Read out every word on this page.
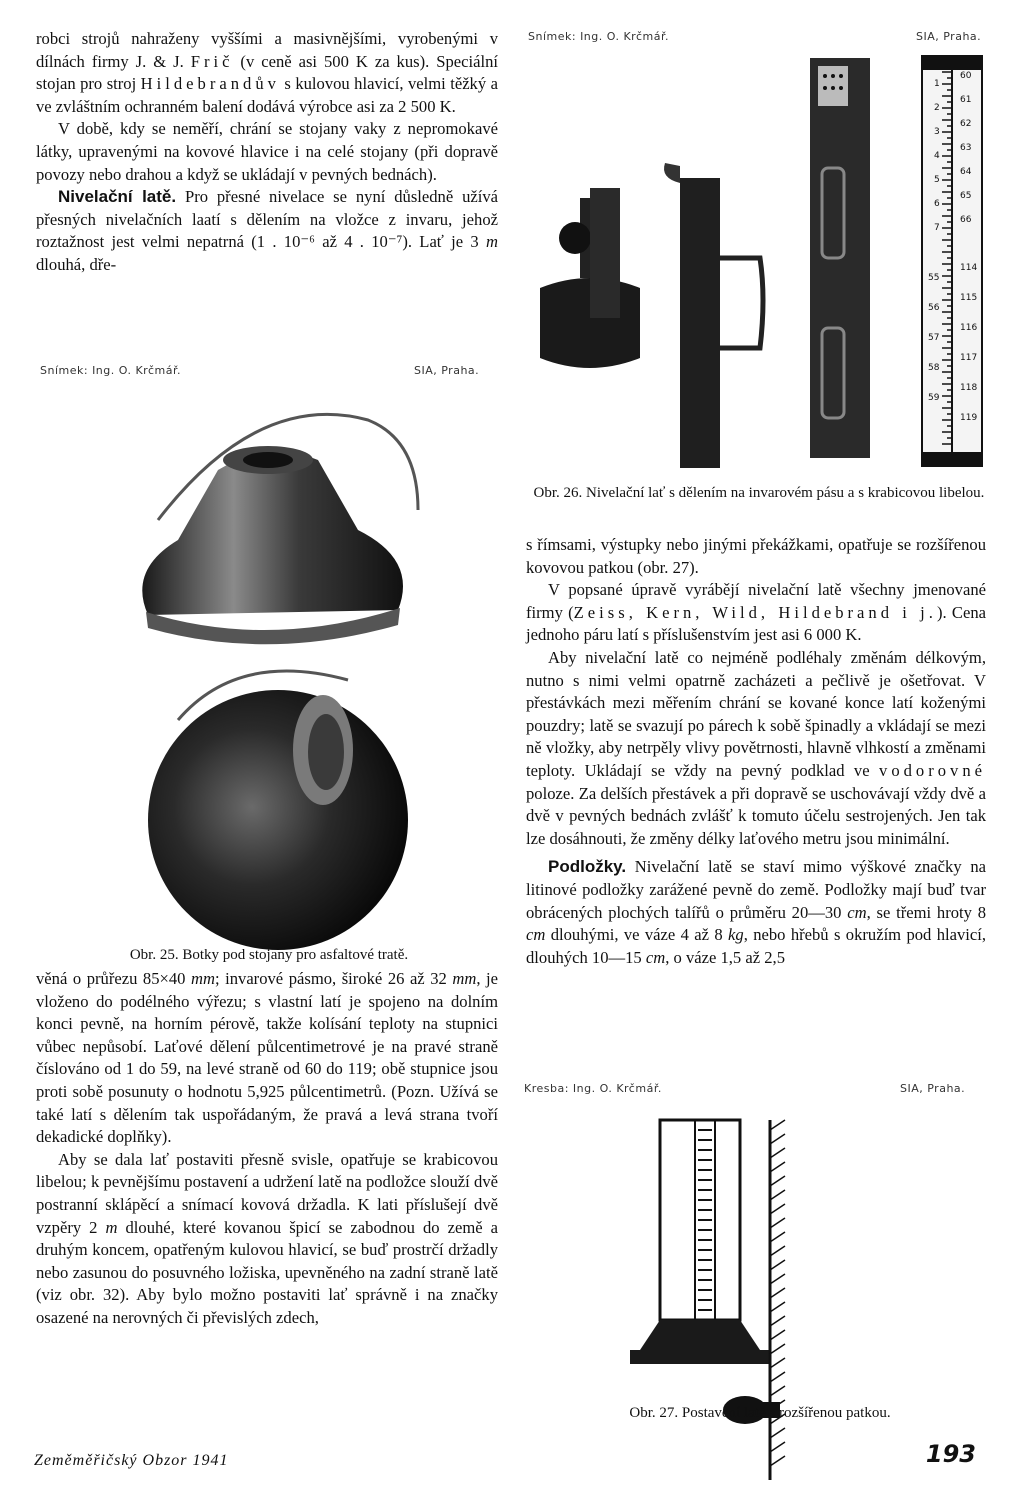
robci strojů nahraženy vyššími a masivnějšími, vyrobenými v dílnách firmy J. & J. Frič (v ceně asi 500 K za kus). Speciální stojan pro stroj Hildebrandův s kulovou hlavicí, velmi těžký a ve zvláštním ochranném balení dodává výrobce asi za 2 500 K.

V době, kdy se neměří, chrání se stojany vaky z nepromokavé látky, upravenými na kovové hlavice i na celé stojany (při dopravě povozy nebo drahou a když se ukládají v pevných bednách).

Nivelační latě. Pro přesné nivelace se nyní důsledně užívá přesných nivelačních laatí s dělením na vložce z invaru, jehož roztažnost jest velmi nepatrná (1 . 10⁻⁶ až 4 . 10⁻⁷). Lať je 3 m dlouhá, dře-

Snímek: Ing. O. Krčmář.	SIA, Praha.
Obr. 25. Botky pod stojany pro asfaltové tratě.

věná o průřezu 85×40 mm; invarové pásmo, široké 26 až 32 mm, je vloženo do podélného výřezu; s vlastní latí je spojeno na dolním konci pevně, na horním pérově, takže kolísání teploty na stupnici vůbec nepůsobí. Laťové dělení půlcentimetrové je na pravé straně číslováno od 1 do 59, na levé straně od 60 do 119; obě stupnice jsou proti sobě posunuty o hodnotu 5,925 půlcentimetrů. (Pozn. Užívá se také latí s dělením tak uspořádaným, že pravá a levá strana tvoří dekadické doplňky).

Aby se dala lať postaviti přesně svisle, opatřuje se krabicovou libelou; k pevnějšímu postavení a udržení latě na podložce slouží dvě postranní sklápěcí a snímací kovová držadla. K lati příslušejí dvě vzpěry 2 m dlouhé, které kovanou špicí se zabodnou do země a druhým koncem, opatřeným kulovou hlavicí, se buď prostrčí držadly nebo zasunou do posuvného ložiska, upevněného na zadní straně latě (viz obr. 32). Aby bylo možno postaviti lať správně i na značky osazené na nerovných či převislých zdech,

Snímek: Ing. O. Krčmář.	SIA, Praha.
1
2
3
4
5
6
7
60
61
62
63
64
65
66
55
56
57
58
59
114
115
116
117
118
119
Obr. 26. Nivelační lať s dělením na invarovém pásu a s krabicovou libelou.

s římsami, výstupky nebo jinými překážkami, opatřuje se rozšířenou kovovou patkou (obr. 27).

V popsané úpravě vyrábějí nivelační latě všechny jmenované firmy (Zeiss, Kern, Wild, Hildebrand i j.). Cena jednoho páru latí s příslušenstvím jest asi 6 000 K.

Aby nivelační latě co nejméně podléhaly změnám délkovým, nutno s nimi velmi opatrně zacházeti a pečlivě je ošetřovat. V přestávkách mezi měřením chrání se kované konce latí koženými pouzdry; latě se svazují po párech k sobě špinadly a vkládají se mezi ně vložky, aby netrpěly vlivy povětrnosti, hlavně vlhkostí a změnami teploty. Ukládají se vždy na pevný podklad ve vodorovné poloze. Za delších přestávek a při dopravě se uschovávají vždy dvě a dvě v pevných bednách zvlášť k tomuto účelu sestrojených. Jen tak lze dosáhnouti, že změny délky laťového metru jsou minimální.

Podložky. Nivelační latě se staví mimo výškové značky na litinové podložky zarážené pevně do země. Podložky mají buď tvar obrácených plochých talířů o průměru 20—30 cm, se třemi hroty 8 cm dlouhými, ve váze 4 až 8 kg, nebo hřebů s okružím pod hlavicí, dlouhých 10—15 cm, o váze 1,5 až 2,5

Kresba: Ing. O. Krčmář.	SIA, Praha.
Obr. 27. Postavení latě s rozšířenou patkou.
Zeměměřičský Obzor 1941	193
